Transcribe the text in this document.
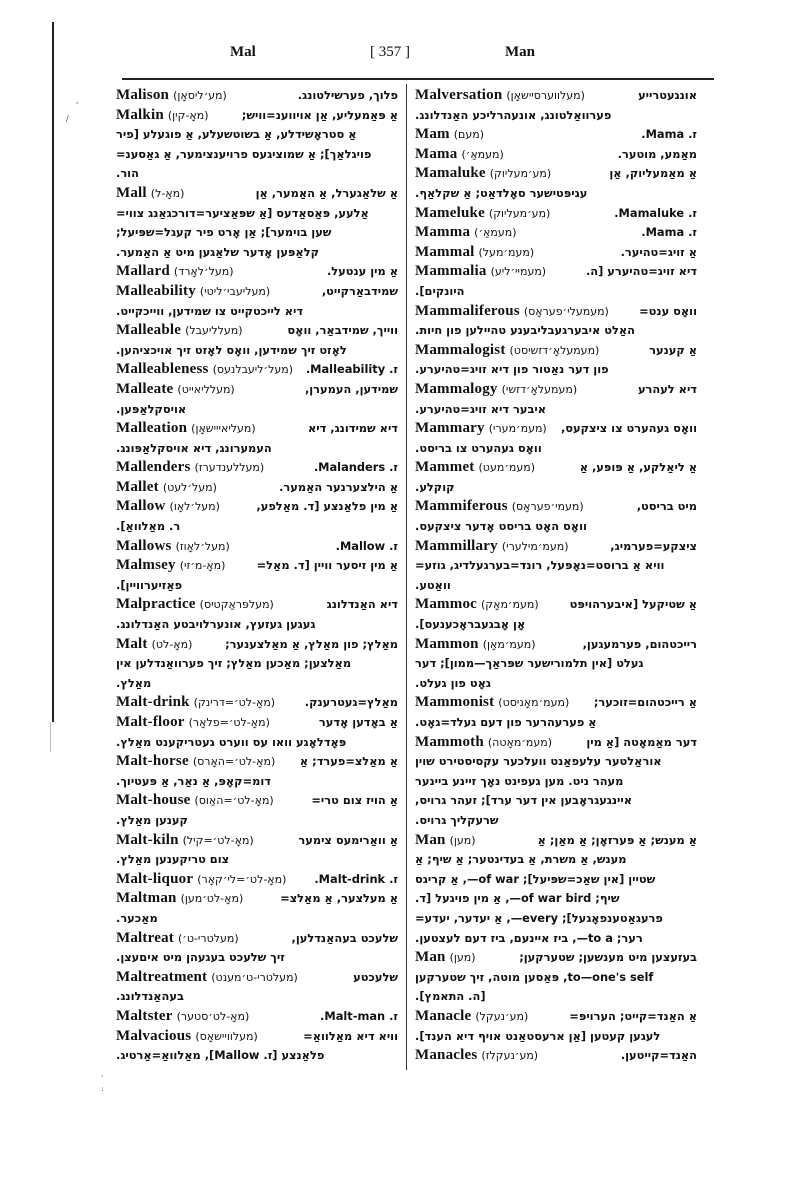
,
/
·
:
Mal	[ 357 ]	Man
Malison (מע׳ליסאָן)	פלוך, פערשילטונג.
Malkin (מאָ-קין)	אַ פּאַמעליע, אַן אויווענ=וויש;
אַ סטראָשידלע, אַ בשוטשעלע, אַ פוגעלע [פיר
פויגלאַך]; אַ שמוציגעס פרויענצימער, אַ גאַסענ=
הור.
Mall (מאָ-ל)	אַ שלאַגערל, אַ האַמער, אַן
אַלעע, פּאַסאַדעס [אַ שפּאַציער=דורכגאַנג צווי=
שען בוימער]; אַן אָרט פיר קעגל=שפּיעל;
קלאַפּען אָדער שלאַגען מיט אַ האַמער.
Mallard (מעל׳לאָרד)	אַ מין ענטעל.
Malleability (מעליעבי׳ליטי)	שמידבאַרקייט,
דיא לייכטקייט צו שמידען, ווייכקייט.
Malleable (מעלליעבל)	ווייך, שמידבאַר, וואָס
לאָזט זיך שמידען, וואָס לאָזט זיך אויכציהען.
Malleableness (מעל׳ליעבלנעס) ז. Malleability.
Malleate (מעלליאייט)	שמידען, העמערן,
אויסקלאַפּען.
Malleation (מעליאייישאָן)	דיא שמידונג, דיא
העמערונג, דיא אויסקלאַפּונג.
Mallenders (מעללענדערז)	ז. Malanders.
Mallet (מעל׳לעט)	אַ הילצערנער האַמער.
Mallow (מעל׳לאָו)	אַ מין פלאַנצע [ד. מאַלפע,
ר. מאַלוואַ].
Mallows (מעל׳לאָוז)	ז. Mallow.
Malmsey (מאָ-מ׳זי)	אַ מין זיסער וויין [ד. מאַל=
פאַזיערוויין].
Malpractice (מעלפּראַקטיס)	דיא האַנדלונג
געגען געזעץ, אונערלויבטע האַנדלונג.
Malt (מאָ-לט)	מאַלץ; פון מאַלץ, אַ מאַלצענער;
מאַלצען; מאַכען מאַלץ; זיך פערוואַנדלען אין
מאַלץ.
Malt-drink (מאָ-לט׳=דרינק)	מאַלץ=געטרענק.
Malt-floor (מאָ-לט׳=פלאָר)	אַ באָדען אָדער
פּאָדלאָגע וואו עס ווערט געטריקענט מאַלץ.
Malt-horse (מאָ-לט׳=האָרס) אַ מאַלצ=פערד; אַ
דומ=קאָפּ, אַ נאַר, אַ פּעטיוך.
Malt-house (מאָ-לט׳=האַוס)	אַ הויז צום טרי=
קענען מאַלץ.
Malt-kiln (מאָ-לט׳=קיל)	אַ וואַרימעס צימער
צום טריקענען מאַלץ.
Malt-liquor (מאָ-לט׳=לי׳קאָר) ז. Malt-drink.
Maltman (מאָ-לט׳מען)	אַ מעלצער, אַ מאַלצ=
מאַכער.
Maltreat (מעלטרי-ט׳)	שלעכט בעהאַנדלען,
זיך שלעכט בעגעהן מיט איםעצן.
Maltreatment (מעלטרי-ט׳מענט)	שלעכטע
בעהאַנדלונג.
Maltster (מאָ-לט׳סטער)	ז. Malt-man.
Malvacious (מעלוויישאָס)	וויא דיא מאַלוואַ=
פלאַנצע [ז. Mallow], מאַלוואַ=אַרטיג.
Malversation (מעלווערסיישאָן)	אונגעטרייע
פערוואַלטונג, אונעהרליכע האַנדלונג.
Mam (מעם)	ז. Mama.
Mama (מעמאַ׳)	מאַמע, מוטער.
Mamaluke (מע׳מעליוק)	אַ מאַמעליוק, אַן
עגיפּטישער סאָלדאַט; אַ שקלאַף.
Mameluke (מע׳מעליוק)	ז. Mamaluke.
Mamma (מעמאַ׳)	ז. Mama.
Mammal (מעמ׳מעל)	אַ זויג=טהיער.
Mammalia (מעמיי׳ליע)	דיא זויג=טהיערע [ה.
היונקים].
Mammaliferous (מעמעלי׳פעראָס)	וואָס ענט=
האַלט איבערגעבליבענע טהיילען פון חיות.
Mammalogist (מעמעלאָ׳דזשיסט)	אַ קענער
פון דער נאַטור פון דיא זויג=טהיערע.
Mammalogy (מעמעלאָ׳דזשי)	דיא לעהרע
איבער דיא זויג=טהיערע.
Mammary (מעמ׳מערי) וואָס געהערט צו ציצקעס,
וואָס געהערט צו בריסט.
Mammet (מעמ׳מעט)	אַ ליאַלקע, אַ פּופּע, אַ
קוקלע.
Mammiferous (מעמי׳פעראָס)	מיט בריסט,
וואָס האָט בריסט אָדער ציצקעס.
Mammillary (מעמ׳מילערי)	ציצקע=פערמיג,
וויא אַ ברוסט=נאָפּעל, רונד=בערגעלדיג, גוזע=
וואַטע.
Mammoc (מעמ׳מאָק)	אַ שטיקעל [איבערהויפּט
אָן אָבגעבראָכענעס].
Mammon (מעמ׳מאָן)	רייכטהום, פערמעגען,
געלט [אין תלמורישער שפּראַך—ממון]; דער
גאָט פון געלט.
Mammonist (מעמ׳מאָניסט) אַ רייכטהום=זוכער;
אַ פערעהרער פון דעם געלד=גאָט.
Mammoth (מעמ׳מאָטה)	דער מאַמאָטה [אַ מין
אוראַלטער עלעפאַנט וועלכער עקסיסטירט שוין
מעהר ניט. מען געפינט נאָך זיינע ביינער
איינגעגראָבען אין דער ערד]; זעהר גרויס,
שרעקליך גרויס.
Man (מען)	אַ מענש; אַ פּערזאָן; אַ מאַן; אַ
מענש, אַ משרת, אַ בעדינטער; אַ שיף; אַ
שטיין [אין שאַכ=שפּיעל]; of war—, אַ קריגס
שיף; of war bird—, אַ מין פויגעל [ד.
פרעגאַטענפאָגעל]; every—, אַ יעדער, יעדע=
רער; to a—, ביז איינעם, ביז דעם לעצטען.
Man (מען)	בעזעצען מיט מענשען; שטערקען;
to—one's self, פּאַסען מוטה, זיך שטערקען
[ה. התאמץ].
Manacle (מע׳נעקל)	אַ האַנד=קייט; הערויפּ=
לעגען קעטען [אַן ארעסטאַנט אויף דיא הענד].
Manacles (מע׳נעקלז)	האַנד=קייטען.
